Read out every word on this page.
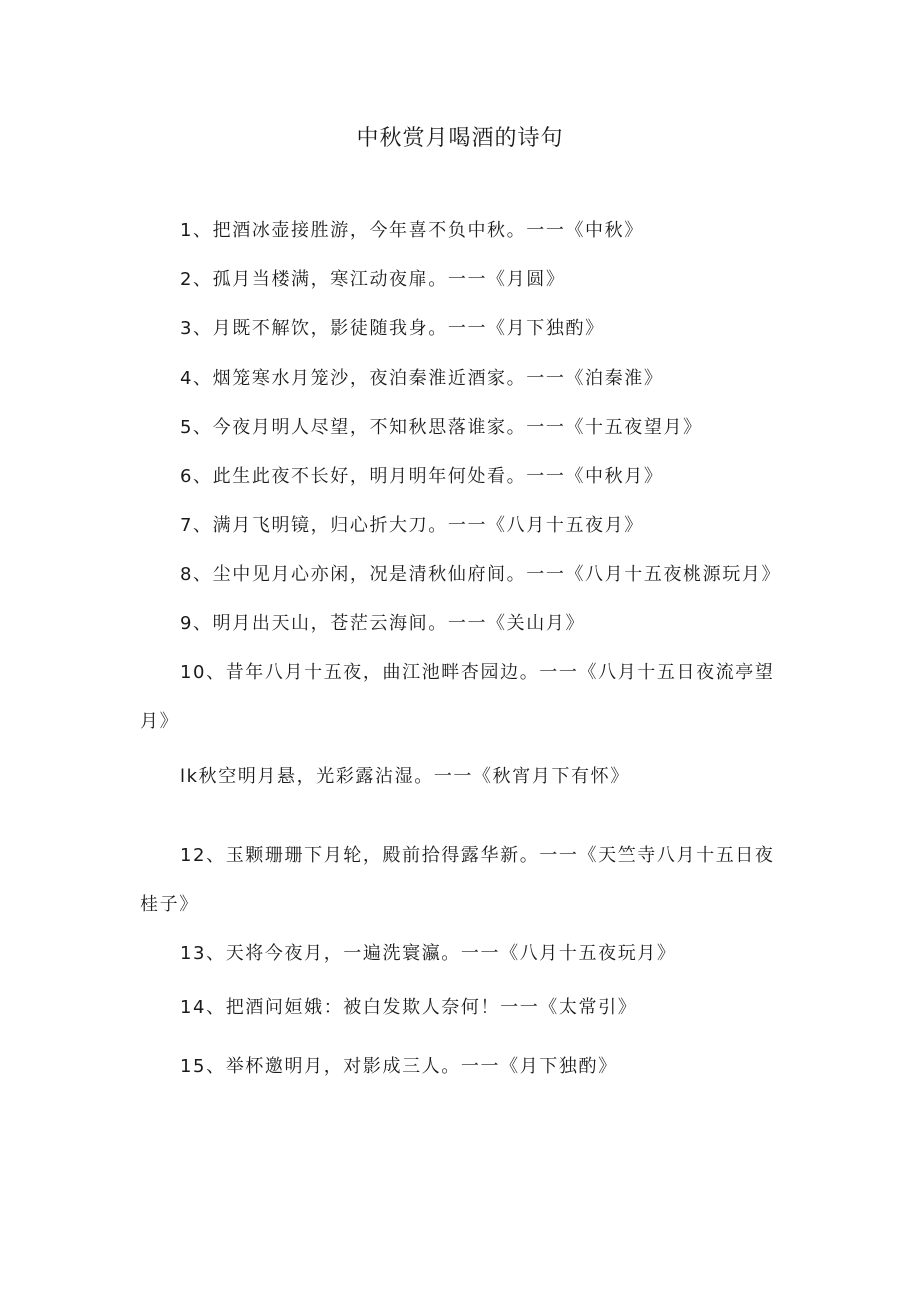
中秋赏月喝酒的诗句
1、把酒冰壶接胜游，今年喜不负中秋。一一《中秋》
2、孤月当楼满，寒江动夜扉。一一《月圆》
3、月既不解饮，影徒随我身。一一《月下独酌》
4、烟笼寒水月笼沙，夜泊秦淮近酒家。一一《泊秦淮》
5、今夜月明人尽望，不知秋思落谁家。一一《十五夜望月》
6、此生此夜不长好，明月明年何处看。一一《中秋月》
7、满月飞明镜，归心折大刀。一一《八月十五夜月》
8、尘中见月心亦闲，况是清秋仙府间。一一《八月十五夜桃源玩月》
9、明月出天山，苍茫云海间。一一《关山月》
10、昔年八月十五夜，曲江池畔杏园边。一一《八月十五日夜流亭望
月》
lk秋空明月悬，光彩露沾湿。一一《秋宵月下有怀》
12、玉颗珊珊下月轮，殿前拾得露华新。一一《天竺寺八月十五日夜
桂子》
13、天将今夜月，一遍洗寰瀛。一一《八月十五夜玩月》
14、把酒问姮娥：被白发欺人奈何！一一《太常引》
15、举杯邀明月，对影成三人。一一《月下独酌》
